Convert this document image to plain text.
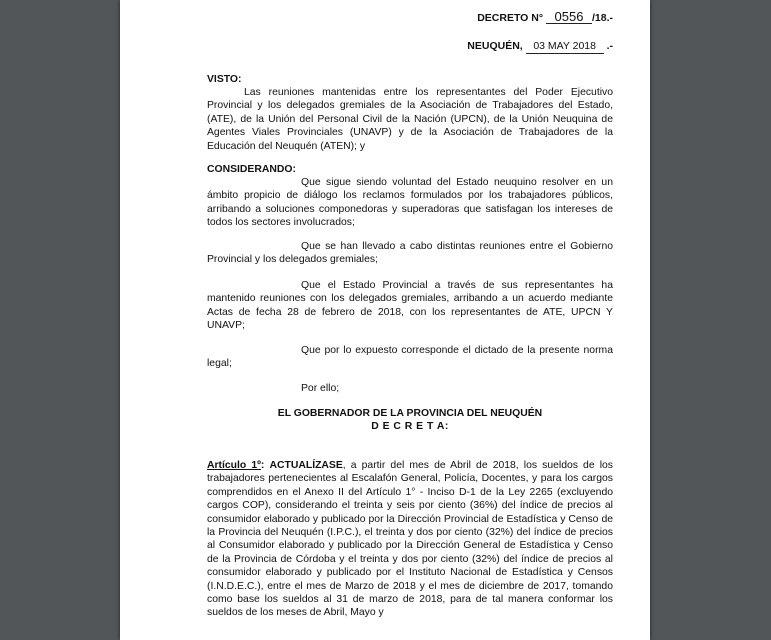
DECRETO N° 0556 /18.-
NEUQUÉN, 03 MAY 2018 .-
VISTO:

Las reuniones mantenidas entre los representantes del Poder Ejecutivo Provincial y los delegados gremiales de la Asociación de Trabajadores del Estado, (ATE), de la Unión del Personal Civil de la Nación (UPCN), de la Unión Neuquina de Agentes Viales Provinciales (UNAVP) y de la Asociación de Trabajadores de la Educación del Neuquén (ATEN); y

CONSIDERANDO:

Que sigue siendo voluntad del Estado neuquino resolver en un ámbito propicio de diálogo los reclamos formulados por los trabajadores públicos, arribando a soluciones componedoras y superadoras que satisfagan los intereses de todos los sectores involucrados;

Que se han llevado a cabo distintas reuniones entre el Gobierno Provincial y los delegados gremiales;

Que el Estado Provincial a través de sus representantes ha mantenido reuniones con los delegados gremiales, arribando a un acuerdo mediante Actas de fecha 28 de febrero de 2018, con los representantes de ATE, UPCN Y UNAVP;

Que por lo expuesto corresponde el dictado de la presente norma legal;

Por ello;

EL GOBERNADOR DE LA PROVINCIA DEL NEUQUÉN
D E C R E T A:

Artículo 1º: ACTUALÍZASE, a partir del mes de Abril de 2018, los sueldos de los trabajadores pertenecientes al Escalafón General, Policía, Docentes, y para los cargos comprendidos en el Anexo II del Artículo 1° - Inciso D-1 de la Ley 2265 (excluyendo cargos COP), considerando el treinta y seis por ciento (36%) del índice de precios al consumidor elaborado y publicado por la Dirección Provincial de Estadística y Censo de la Provincia del Neuquén (I.P.C.), el treinta y dos por ciento (32%) del índice de precios al Consumidor elaborado y publicado por la Dirección General de Estadística y Censo de la Provincia de Córdoba y el treinta y dos por ciento (32%) del índice de precios al consumidor elaborado y publicado por el Instituto Nacional de Estadística y Censos (I.N.D.E.C.), entre el mes de Marzo de 2018 y el mes de diciembre de 2017, tomando como base los sueldos al 31 de marzo de 2018, para de tal manera conformar los sueldos de los meses de Abril, Mayo y
